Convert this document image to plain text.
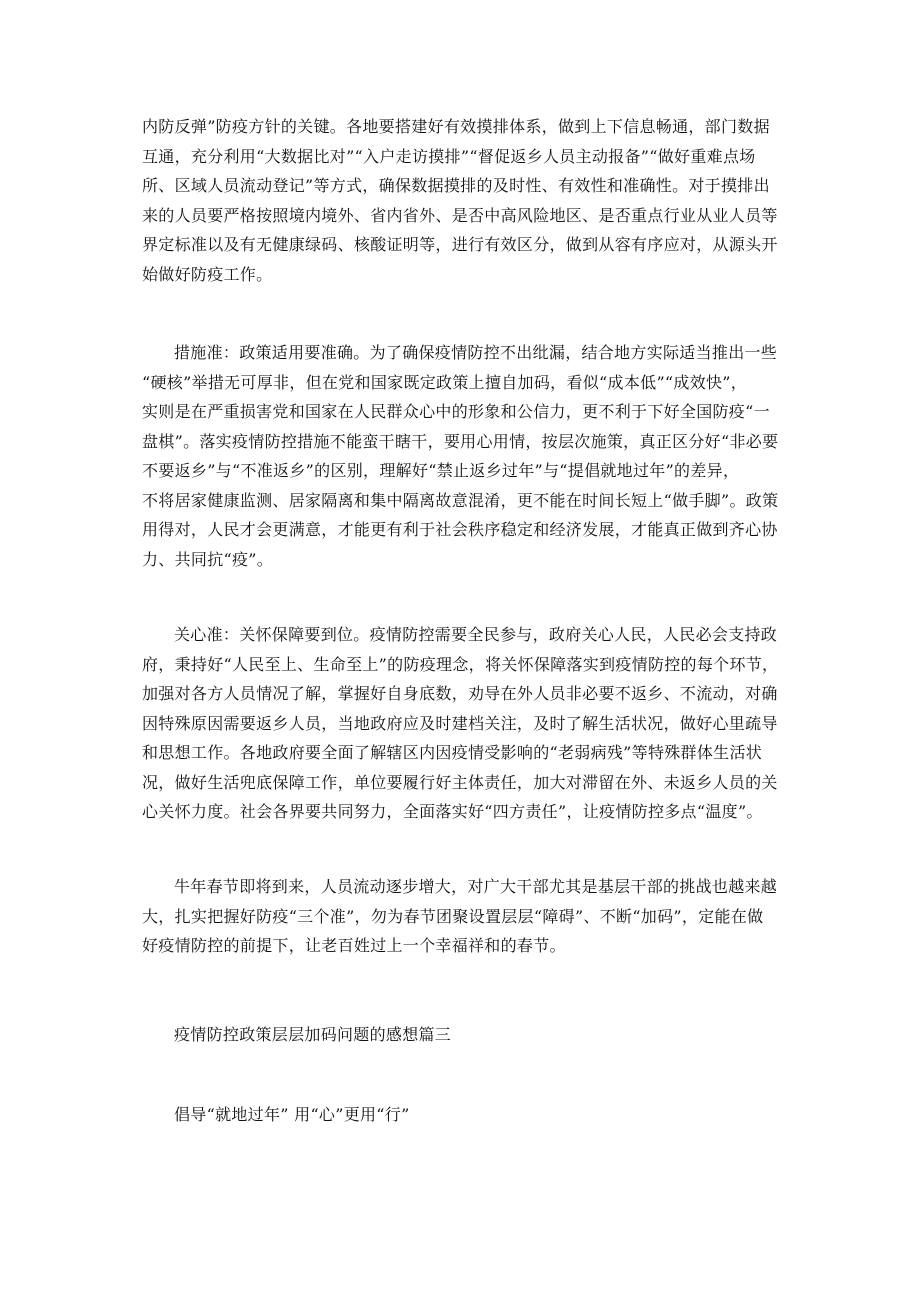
内防反弹”防疫方针的关键。各地要搭建好有效摸排体系，做到上下信息畅通，部门数据
互通，充分利用“大数据比对”“入户走访摸排”“督促返乡人员主动报备”“做好重难点场
所、区域人员流动登记”等方式，确保数据摸排的及时性、有效性和准确性。对于摸排出
来的人员要严格按照境内境外、省内省外、是否中高风险地区、是否重点行业从业人员等
界定标准以及有无健康绿码、核酸证明等，进行有效区分，做到从容有序应对，从源头开
始做好防疫工作。
措施准：政策适用要准确。为了确保疫情防控不出纰漏，结合地方实际适当推出一些
“硬核”举措无可厚非，但在党和国家既定政策上擅自加码，看似“成本低”“成效快”，
实则是在严重损害党和国家在人民群众心中的形象和公信力，更不利于下好全国防疫“一
盘棋”。落实疫情防控措施不能蛮干瞎干，要用心用情，按层次施策，真正区分好“非必要
不要返乡”与“不准返乡”的区别，理解好“禁止返乡过年”与“提倡就地过年”的差异，
不将居家健康监测、居家隔离和集中隔离故意混淆，更不能在时间长短上“做手脚”。政策
用得对，人民才会更满意，才能更有利于社会秩序稳定和经济发展，才能真正做到齐心协
力、共同抗“疫”。
关心准：关怀保障要到位。疫情防控需要全民参与，政府关心人民，人民必会支持政
府，秉持好“人民至上、生命至上”的防疫理念，将关怀保障落实到疫情防控的每个环节，
加强对各方人员情况了解，掌握好自身底数，劝导在外人员非必要不返乡、不流动，对确
因特殊原因需要返乡人员，当地政府应及时建档关注，及时了解生活状况，做好心里疏导
和思想工作。各地政府要全面了解辖区内因疫情受影响的“老弱病残”等特殊群体生活状
况，做好生活兜底保障工作，单位要履行好主体责任，加大对滞留在外、未返乡人员的关
心关怀力度。社会各界要共同努力，全面落实好“四方责任”，让疫情防控多点“温度”。
牛年春节即将到来，人员流动逐步增大，对广大干部尤其是基层干部的挑战也越来越
大，扎实把握好防疫“三个准”，勿为春节团聚设置层层“障碍”、不断“加码”，定能在做
好疫情防控的前提下，让老百姓过上一个幸福祥和的春节。
疫情防控政策层层加码问题的感想篇三
倡导“就地过年” 用“心”更用“行”
